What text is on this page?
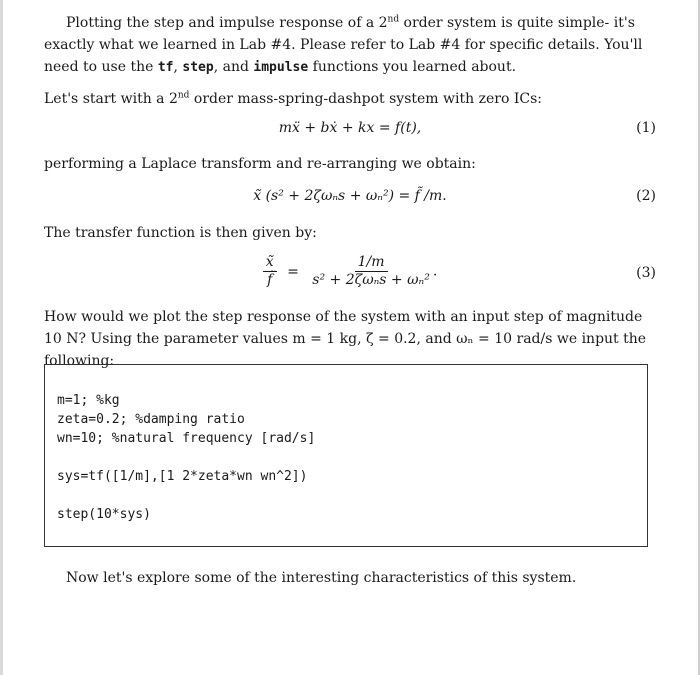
Plotting the step and impulse response of a 2nd order system is quite simple- it's exactly what we learned in Lab #4. Please refer to Lab #4 for specific details. You'll need to use the tf, step, and impulse functions you learned about.
Let's start with a 2nd order mass-spring-dashpot system with zero ICs:
mẍ + bẋ + kx = f(t),	(1)
performing a Laplace transform and re-arranging we obtain:
x̃ (s² + 2ζωₙs + ωₙ²) = f̃ /m.	(2)
The transfer function is then given by:
$\frac{x̃}{f̃} = \frac{1/m}{\text{s² + 2ζωₙs + ωₙ²}}$ .	(3)
How would we plot the step response of the system with an input step of magnitude 10 N? Using the parameter values m = 1 kg, ζ = 0.2, and ωₙ = 10 rad/s we input the following:
m=1; %kg
zeta=0.2; %damping ratio
wn=10; %natural frequency [rad/s]
sys=tf([1/m],[1 2*zeta*wn wn^2])
step(10*sys)
Now let's explore some of the interesting characteristics of this system.
